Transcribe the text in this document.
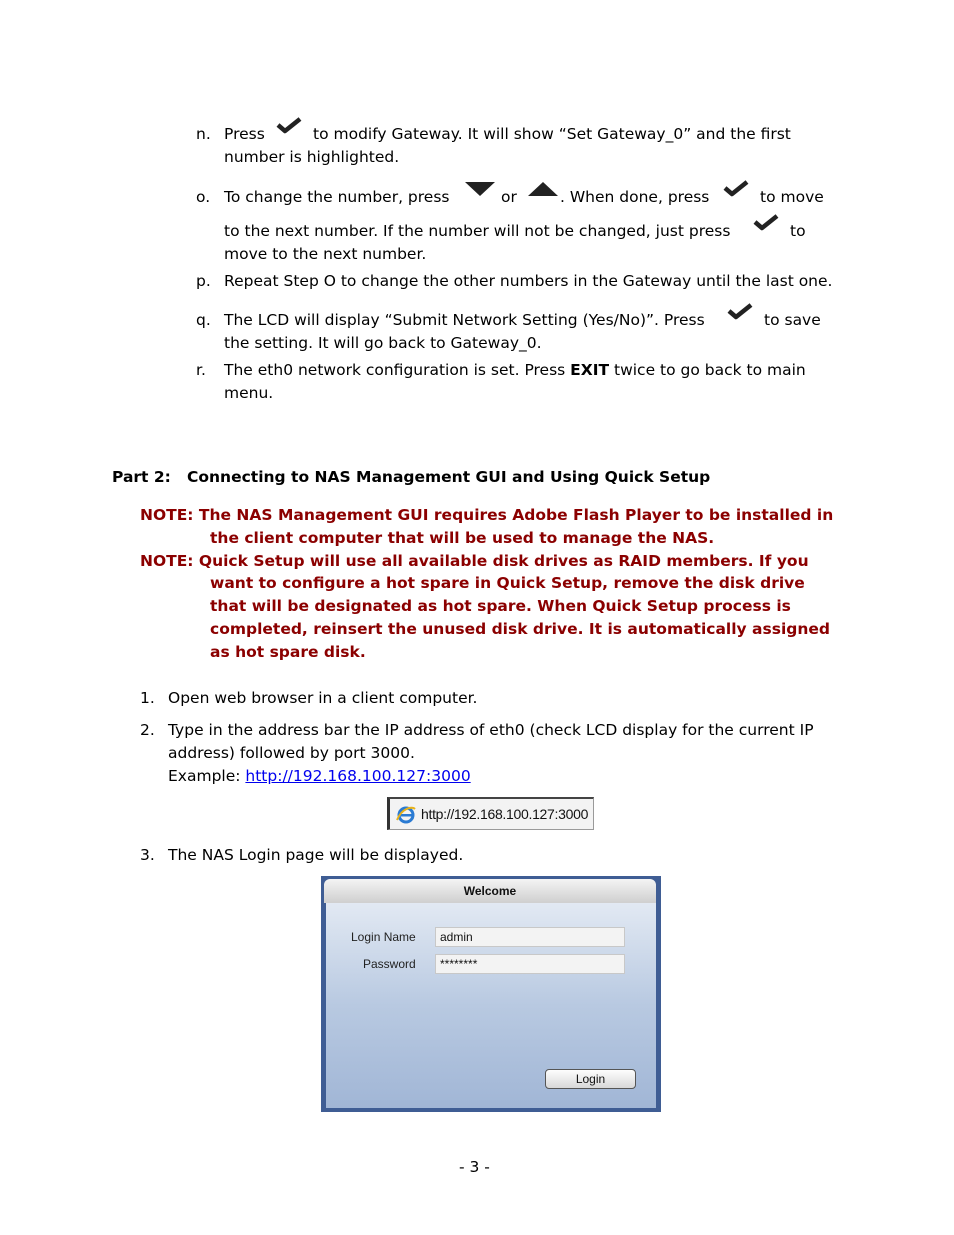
n. Press	to modify Gateway. It will show “Set Gateway_0” and the first
number is highlighted.
o. To change the number, press	or	. When done, press	to move
to the next number. If the number will not be changed, just press	to
move to the next number.
p. Repeat Step O to change the other numbers in the Gateway until the last one.
q. The LCD will display “Submit Network Setting (Yes/No)”. Press	to save
the setting. It will go back to Gateway_0.
r. The eth0 network configuration is set. Press EXIT twice to go back to main
menu.
Part 2: Connecting to NAS Management GUI and Using Quick Setup
NOTE: The NAS Management GUI requires Adobe Flash Player to be installed in
the client computer that will be used to manage the NAS.
NOTE: Quick Setup will use all available disk drives as RAID members. If you
want to configure a hot spare in Quick Setup, remove the disk drive
that will be designated as hot spare. When Quick Setup process is
completed, reinsert the unused disk drive. It is automatically assigned
as hot spare disk.
1. Open web browser in a client computer.
2. Type in the address bar the IP address of eth0 (check LCD display for the current IP
address) followed by port 3000.
Example: http://192.168.100.127:3000
http://192.168.100.127:3000
3. The NAS Login page will be displayed.
Welcome
Login Name
admin
Password	********
Login
- 3 -
